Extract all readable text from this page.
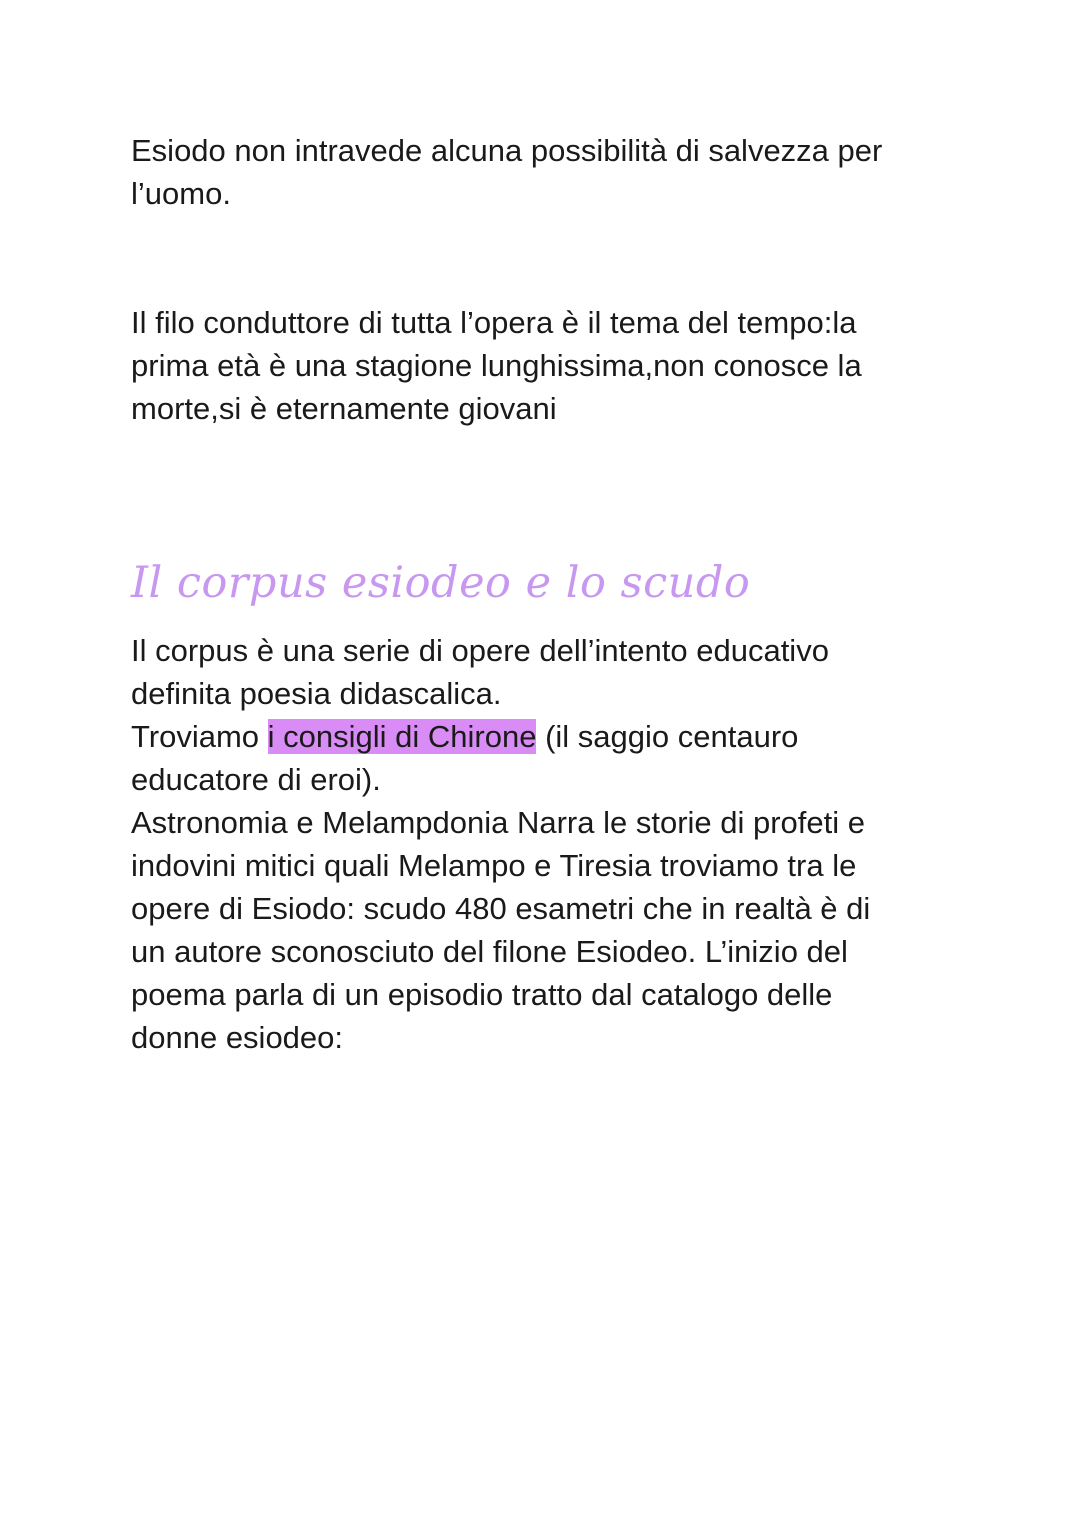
Esiodo non intravede alcuna possibilità di salvezza per
l’uomo.

Il filo conduttore di tutta l’opera è il tema del tempo:la
prima età è una stagione lunghissima,non conosce la
morte,si è eternamente giovani

Il corpus esiodeo e lo scudo

Il corpus è una serie di opere dell’intento educativo
definita poesia didascalica.
Troviamo i consigli di Chirone (il saggio centauro
educatore di eroi).
Astronomia e Melampdonia Narra le storie di profeti e
indovini mitici quali Melampo e Tiresia troviamo tra le
opere di Esiodo: scudo 480 esametri che in realtà è di
un autore sconosciuto del filone Esiodeo. L’inizio del
poema parla di un episodio tratto dal catalogo delle
donne esiodeo:
